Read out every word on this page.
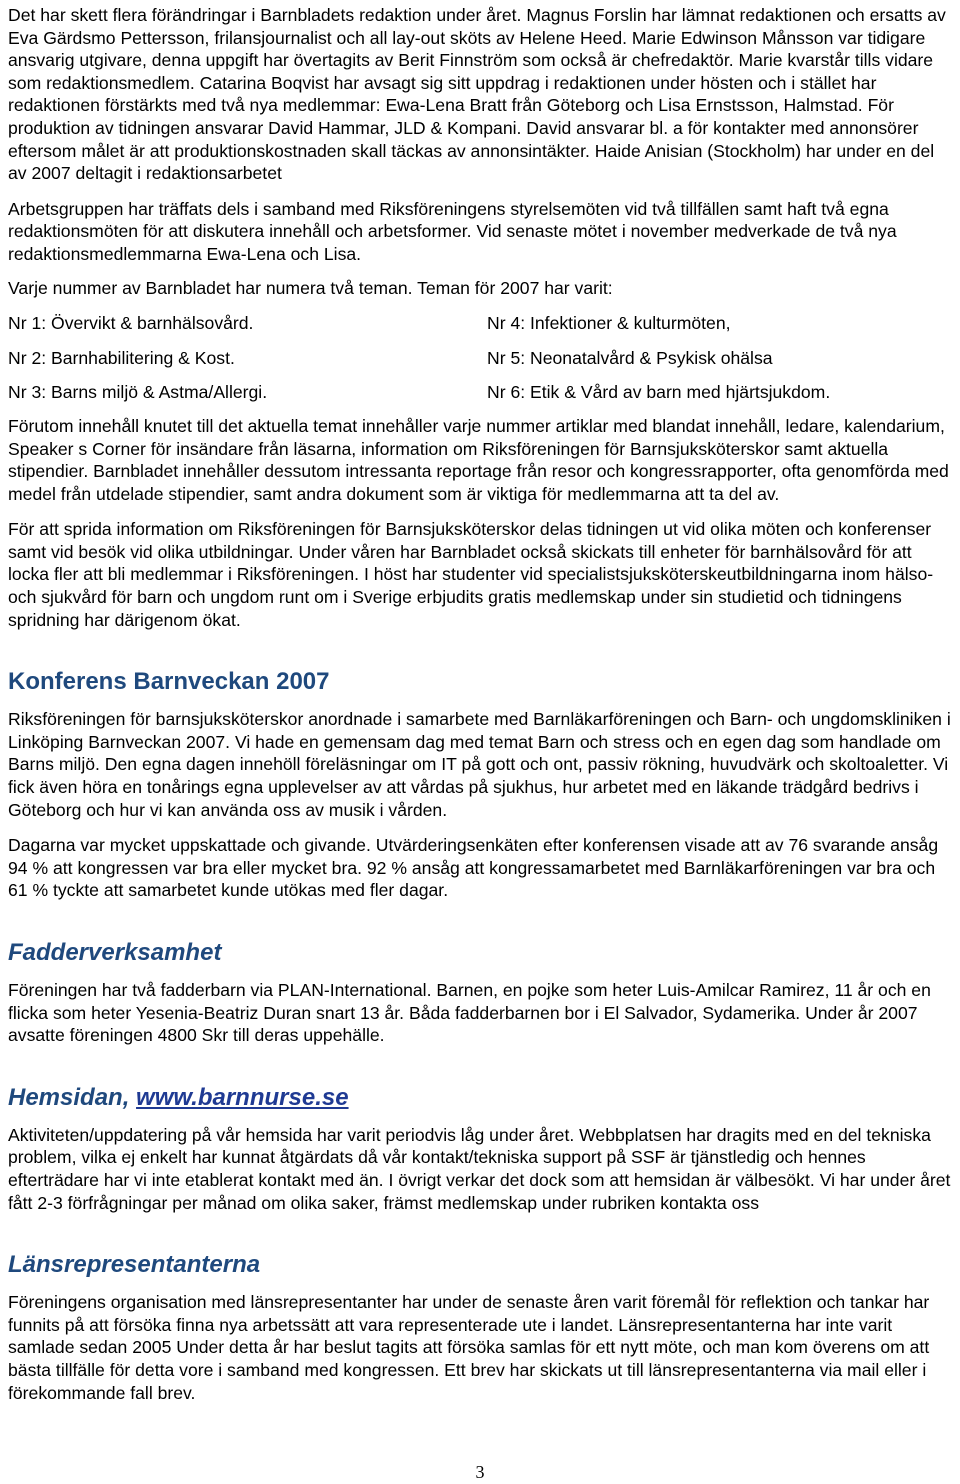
Det har skett flera förändringar i Barnbladets redaktion under året. Magnus Forslin har lämnat redaktionen och ersatts av Eva Gärdsmo Pettersson, frilansjournalist och all lay-out sköts av Helene Heed. Marie Edwinson Månsson var tidigare ansvarig utgivare, denna uppgift har övertagits av Berit Finnström som också är chefredaktör. Marie kvarstår tills vidare som redaktionsmedlem. Catarina Boqvist har avsagt sig sitt uppdrag i redaktionen under hösten och i stället har redaktionen förstärkts med två nya medlemmar: Ewa-Lena Bratt från Göteborg och Lisa Ernstsson, Halmstad. För produktion av tidningen ansvarar David Hammar, JLD & Kompani. David ansvarar bl. a för kontakter med annonsörer eftersom målet är att produktionskostnaden skall täckas av annonsintäkter. Haide Anisian (Stockholm) har under en del av 2007 deltagit i redaktionsarbetet

Arbetsgruppen har träffats dels i samband med Riksföreningens styrelsemöten vid två tillfällen samt haft två egna redaktionsmöten för att diskutera innehåll och arbetsformer. Vid senaste mötet i november medverkade de två nya redaktionsmedlemmarna Ewa-Lena och Lisa.

Varje nummer av Barnbladet har numera två teman. Teman för 2007 har varit:

Nr 1: Övervikt & barnhälsovård.	Nr 4: Infektioner & kulturmöten,
Nr 2: Barnhabilitering & Kost.	Nr 5: Neonatalvård & Psykisk ohälsa
Nr 3: Barns miljö & Astma/Allergi.	Nr 6: Etik & Vård av barn med hjärtsjukdom.

Förutom innehåll knutet till det aktuella temat innehåller varje nummer artiklar med blandat innehåll, ledare, kalendarium, Speaker s Corner för insändare från läsarna, information om Riksföreningen för Barnsjuksköterskor samt aktuella stipendier. Barnbladet innehåller dessutom intressanta reportage från resor och kongressrapporter, ofta genomförda med medel från utdelade stipendier, samt andra dokument som är viktiga för medlemmarna att ta del av.

För att sprida information om Riksföreningen för Barnsjuksköterskor delas tidningen ut vid olika möten och konferenser samt vid besök vid olika utbildningar. Under våren har Barnbladet också skickats till enheter för barnhälsovård för att locka fler att bli medlemmar i Riksföreningen. I höst har studenter vid specialistsjuksköterskeutbildningarna inom hälso- och sjukvård för barn och ungdom runt om i Sverige erbjudits gratis medlemskap under sin studietid och tidningens spridning har därigenom ökat.

Konferens Barnveckan 2007

Riksföreningen för barnsjuksköterskor anordnade i samarbete med Barnläkarföreningen och Barn- och ungdomskliniken i Linköping Barnveckan 2007. Vi hade en gemensam dag med temat Barn och stress och en egen dag som handlade om Barns miljö. Den egna dagen innehöll föreläsningar om IT på gott och ont, passiv rökning, huvudvärk och skoltoaletter. Vi fick även höra en tonårings egna upplevelser av att vårdas på sjukhus, hur arbetet med en läkande trädgård bedrivs i Göteborg och hur vi kan använda oss av musik i vården.

Dagarna var mycket uppskattade och givande. Utvärderingsenkäten efter konferensen visade att av 76 svarande ansåg 94 % att kongressen var bra eller mycket bra. 92 % ansåg att kongressamarbetet med Barnläkarföreningen var bra och 61 % tyckte att samarbetet kunde utökas med fler dagar.

Fadderverksamhet

Föreningen har två fadderbarn via PLAN-International. Barnen, en pojke som heter Luis-Amilcar Ramirez, 11 år och en flicka som heter Yesenia-Beatriz Duran snart 13 år. Båda fadderbarnen bor i El Salvador, Sydamerika. Under år 2007 avsatte föreningen 4800 Skr till deras uppehälle.

Hemsidan, www.barnnurse.se

Aktiviteten/uppdatering på vår hemsida har varit periodvis låg under året. Webbplatsen har dragits med en del tekniska problem, vilka ej enkelt har kunnat åtgärdats då vår kontakt/tekniska support på SSF är tjänstledig och hennes efterträdare har vi inte etablerat kontakt med än. I övrigt verkar det dock som att hemsidan är välbesökt. Vi har under året fått 2-3 förfrågningar per månad om olika saker, främst medlemskap under rubriken kontakta oss

Länsrepresentanterna

Föreningens organisation med länsrepresentanter har under de senaste åren varit föremål för reflektion och tankar har funnits på att försöka finna nya arbetssätt att vara representerade ute i landet. Länsrepresentanterna har inte varit samlade sedan 2005 Under detta år har beslut tagits att försöka samlas för ett nytt möte, och man kom överens om att bästa tillfälle för detta vore i samband med kongressen. Ett brev har skickats ut till länsrepresentanterna via mail eller i förekommande fall brev.

3
